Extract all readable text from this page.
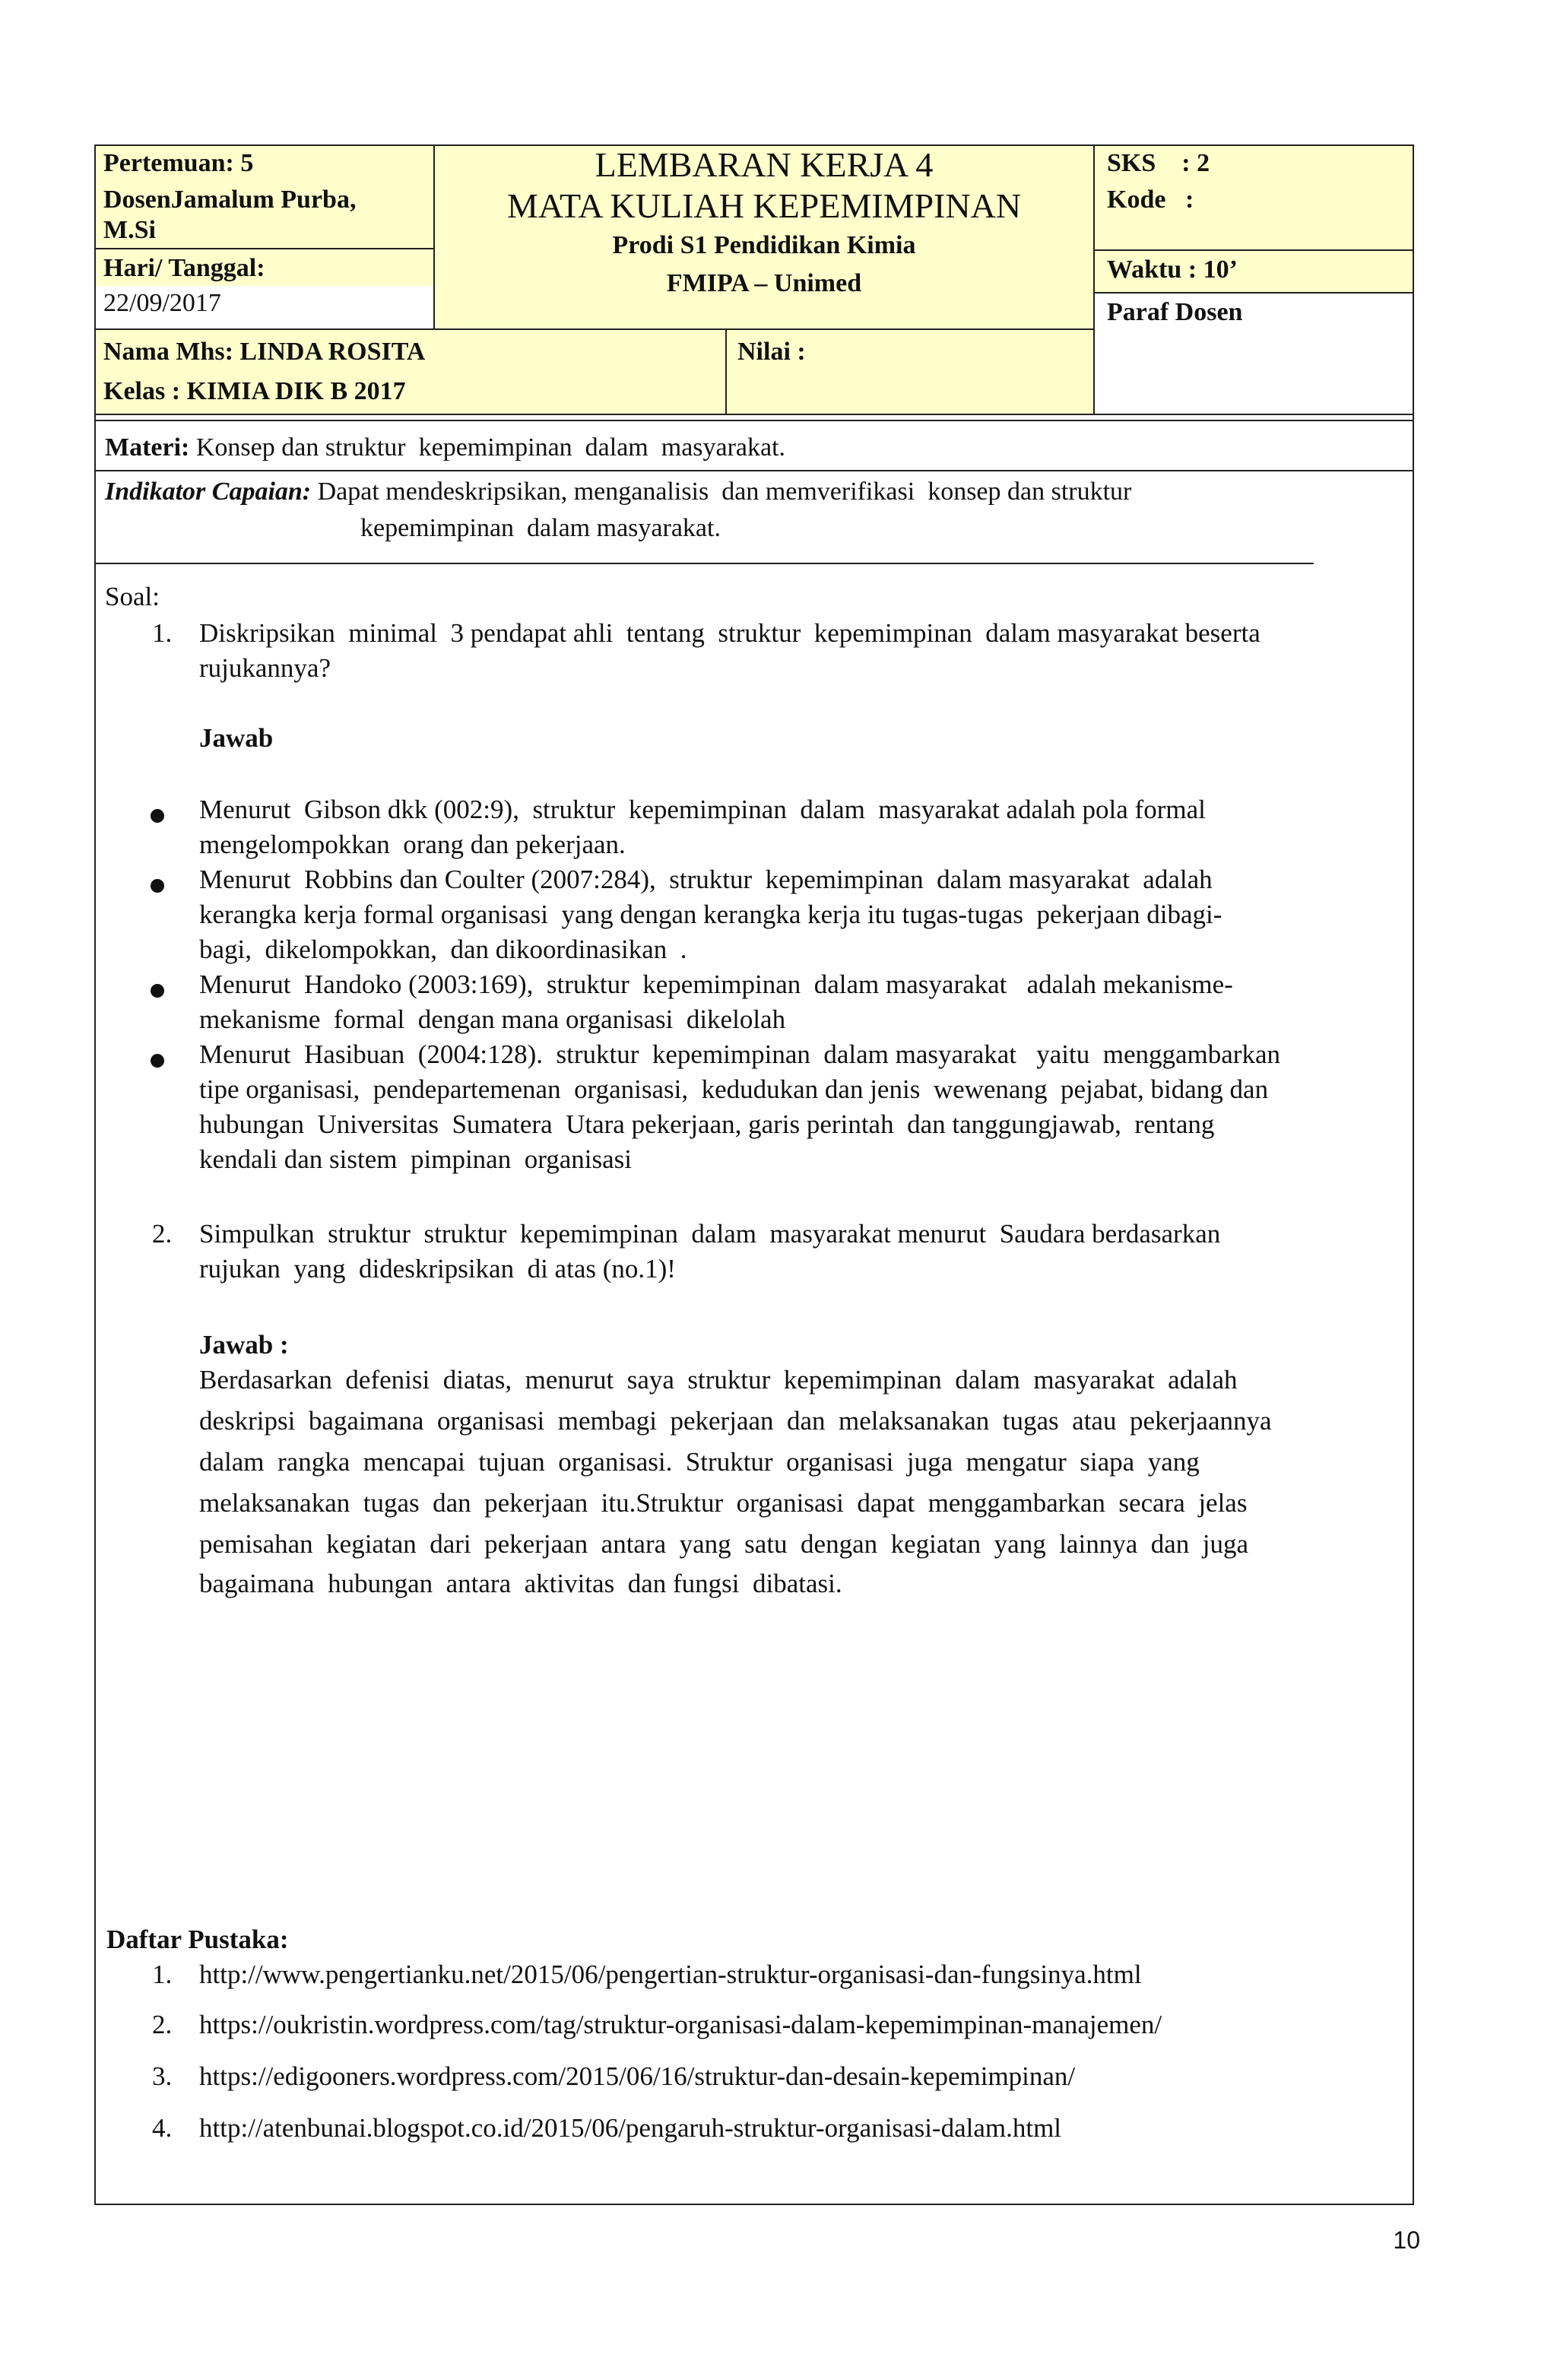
Pertemuan: 5
DosenJamalum Purba,
M.Si
Hari/ Tanggal:
22/09/2017
LEMBARAN KERJA 4
MATA KULIAH KEPEMIMPINAN
Prodi S1 Pendidikan Kimia
FMIPA – Unimed
SKS    : 2
Kode   :
Waktu : 10’
Paraf Dosen
Nama Mhs: LINDA ROSITA
Kelas : KIMIA DIK B 2017
Nilai :
Materi: Konsep dan struktur  kepemimpinan  dalam  masyarakat.
Indikator Capaian: Dapat mendeskripsikan, menganalisis  dan memverifikasi  konsep dan struktur
kepemimpinan  dalam masyarakat.
Soal:
1. Diskripsikan  minimal  3 pendapat ahli  tentang  struktur  kepemimpinan  dalam masyarakat beserta
rujukannya?
Jawab
Menurut  Gibson dkk (002:9),  struktur  kepemimpinan  dalam  masyarakat adalah pola formal
mengelompokkan  orang dan pekerjaan.
Menurut  Robbins dan Coulter (2007:284),  struktur  kepemimpinan  dalam masyarakat  adalah
kerangka kerja formal organisasi  yang dengan kerangka kerja itu tugas-tugas  pekerjaan dibagi-
bagi,  dikelompokkan,  dan dikoordinasikan  .
Menurut  Handoko (2003:169),  struktur  kepemimpinan  dalam masyarakat   adalah mekanisme-
mekanisme  formal  dengan mana organisasi  dikelolah
Menurut  Hasibuan  (2004:128).  struktur  kepemimpinan  dalam masyarakat   yaitu  menggambarkan
tipe organisasi,  pendepartemenan  organisasi,  kedudukan dan jenis  wewenang  pejabat, bidang dan
hubungan  Universitas  Sumatera  Utara pekerjaan, garis perintah  dan tanggungjawab,  rentang
kendali dan sistem  pimpinan  organisasi
2. Simpulkan  struktur  struktur  kepemimpinan  dalam  masyarakat menurut  Saudara berdasarkan
rujukan  yang  dideskripsikan  di atas (no.1)!
Jawab :
Berdasarkan  defenisi  diatas,  menurut  saya  struktur  kepemimpinan  dalam  masyarakat  adalah
deskripsi  bagaimana  organisasi  membagi  pekerjaan  dan  melaksanakan  tugas  atau  pekerjaannya
dalam  rangka  mencapai  tujuan  organisasi.  Struktur  organisasi  juga  mengatur  siapa  yang
melaksanakan  tugas  dan  pekerjaan  itu.Struktur  organisasi  dapat  menggambarkan  secara  jelas
pemisahan  kegiatan  dari  pekerjaan  antara  yang  satu  dengan  kegiatan  yang  lainnya  dan  juga
bagaimana  hubungan  antara  aktivitas  dan fungsi  dibatasi.
Daftar Pustaka:
1. http://www.pengertianku.net/2015/06/pengertian-struktur-organisasi-dan-fungsinya.html
2. https://oukristin.wordpress.com/tag/struktur-organisasi-dalam-kepemimpinan-manajemen/
3. https://edigooners.wordpress.com/2015/06/16/struktur-dan-desain-kepemimpinan/
4. http://atenbunai.blogspot.co.id/2015/06/pengaruh-struktur-organisasi-dalam.html
10
